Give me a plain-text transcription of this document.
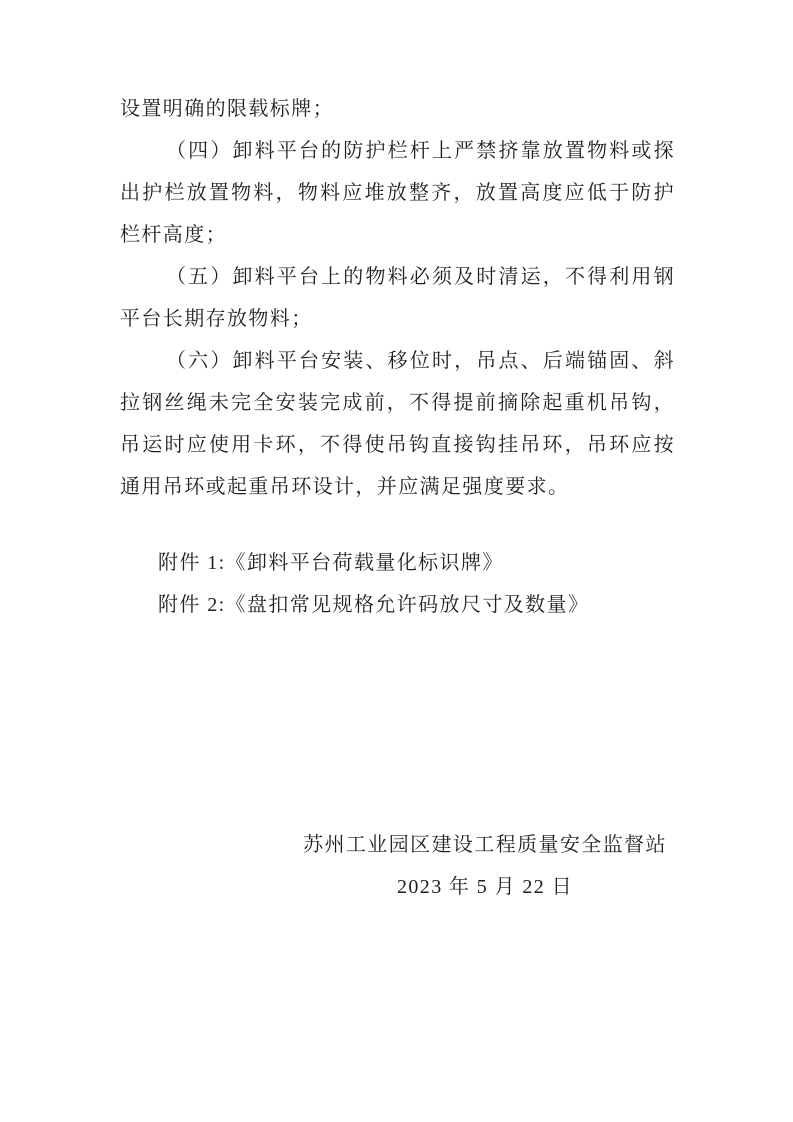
设置明确的限载标牌；

（四）卸料平台的防护栏杆上严禁挤靠放置物料或探出护栏放置物料，物料应堆放整齐，放置高度应低于防护栏杆高度；

（五）卸料平台上的物料必须及时清运，不得利用钢平台长期存放物料；

（六）卸料平台安装、移位时，吊点、后端锚固、斜拉钢丝绳未完全安装完成前，不得提前摘除起重机吊钩，吊运时应使用卡环，不得使吊钩直接钩挂吊环，吊环应按通用吊环或起重吊环设计，并应满足强度要求。

附件 1:《卸料平台荷载量化标识牌》

附件 2:《盘扣常见规格允许码放尺寸及数量》

苏州工业园区建设工程质量安全监督站

2023 年 5 月 22 日
